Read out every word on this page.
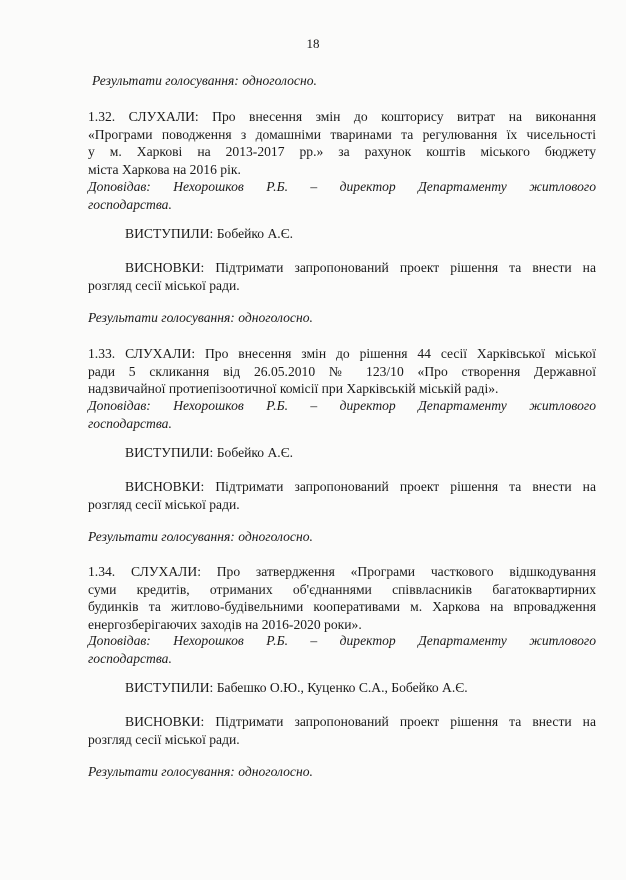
18
Результати голосування: одноголосно.
1.32. СЛУХАЛИ: Про внесення змін до кошторису витрат на виконання
«Програми поводження з домашніми тваринами та регулювання їх чисельності
у м. Харкові на 2013-2017 рр.» за рахунок коштів міського бюджету
міста Харкова на 2016 рік.
Доповідав: Нехорошков Р.Б. – директор Департаменту житлового
господарства.
ВИСТУПИЛИ: Бобейко А.Є.
ВИСНОВКИ: Підтримати запропонований проект рішення та внести на
розгляд сесії міської ради.
Результати голосування: одноголосно.
1.33. СЛУХАЛИ: Про внесення змін до рішення 44 сесії Харківської міської
ради 5 скликання від 26.05.2010 № 123/10 «Про створення Державної
надзвичайної протиепізоотичної комісії при Харківській міській раді».
Доповідав: Нехорошков Р.Б. – директор Департаменту житлового
господарства.
ВИСТУПИЛИ: Бобейко А.Є.
ВИСНОВКИ: Підтримати запропонований проект рішення та внести на
розгляд сесії міської ради.
Результати голосування: одноголосно.
1.34. СЛУХАЛИ: Про затвердження «Програми часткового відшкодування
суми кредитів, отриманих об'єднаннями співвласників багатоквартирних
будинків та житлово-будівельними кооперативами м. Харкова на впровадження
енергозберігаючих заходів на 2016-2020 роки».
Доповідав: Нехорошков Р.Б. – директор Департаменту житлового
господарства.
ВИСТУПИЛИ: Бабешко О.Ю., Куценко С.А., Бобейко А.Є.
ВИСНОВКИ: Підтримати запропонований проект рішення та внести на
розгляд сесії міської ради.
Результати голосування: одноголосно.
